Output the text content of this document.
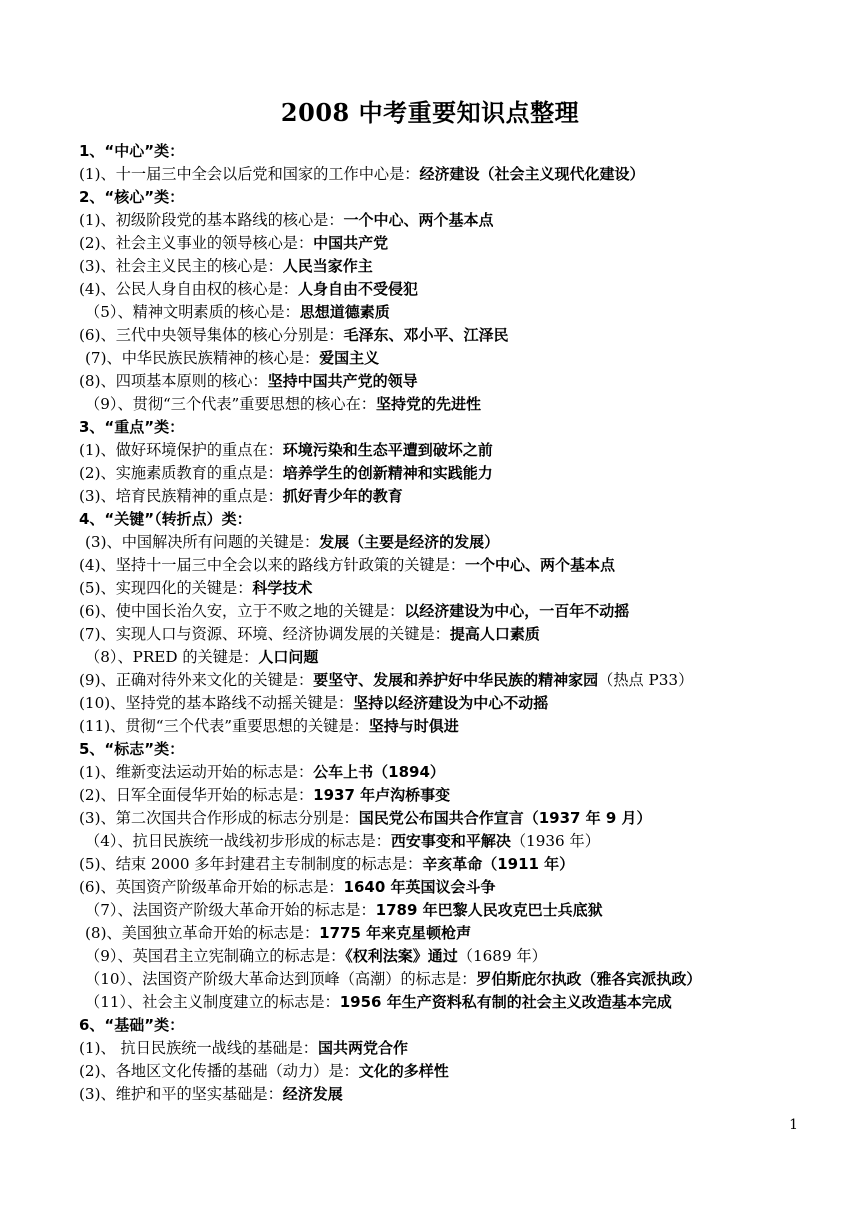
2008 中考重要知识点整理
1、“中心”类：
(1)、十一届三中全会以后党和国家的工作中心是：经济建设（社会主义现代化建设）
2、“核心”类：
(1)、初级阶段党的基本路线的核心是：一个中心、两个基本点
(2)、社会主义事业的领导核心是：中国共产党
(3)、社会主义民主的核心是：人民当家作主
(4)、公民人身自由权的核心是：人身自由不受侵犯
（5）、精神文明素质的核心是：思想道德素质
(6)、三代中央领导集体的核心分别是：毛泽东、邓小平、江泽民
(7)、中华民族民族精神的核心是：爱国主义
(8)、四项基本原则的核心：坚持中国共产党的领导
（9）、贯彻“三个代表”重要思想的核心在：坚持党的先进性
3、“重点”类：
(1)、做好环境保护的重点在：环境污染和生态平遭到破坏之前
(2)、实施素质教育的重点是：培养学生的创新精神和实践能力
(3)、培育民族精神的重点是：抓好青少年的教育
4、“关键”（转折点）类：
(3)、中国解决所有问题的关键是：发展（主要是经济的发展）
(4)、坚持十一届三中全会以来的路线方针政策的关键是：一个中心、两个基本点
(5)、实现四化的关键是：科学技术
(6)、使中国长治久安，立于不败之地的关键是：以经济建设为中心，一百年不动摇
(7)、实现人口与资源、环境、经济协调发展的关键是：提高人口素质
（8）、PRED 的关键是：人口问题
(9)、正确对待外来文化的关键是：要坚守、发展和养护好中华民族的精神家园（热点 P33）
(10)、坚持党的基本路线不动摇关键是：坚持以经济建设为中心不动摇
(11)、贯彻“三个代表”重要思想的关键是：坚持与时俱进
5、“标志”类：
(1)、维新变法运动开始的标志是：公车上书（1894）
(2)、日军全面侵华开始的标志是：1937 年卢沟桥事变
(3)、第二次国共合作形成的标志分别是：国民党公布国共合作宣言（1937 年 9 月）
（4）、抗日民族统一战线初步形成的标志是：西安事变和平解决（1936 年）
(5)、结束 2000 多年封建君主专制制度的标志是：辛亥革命（1911 年）
(6)、英国资产阶级革命开始的标志是：1640 年英国议会斗争
（7）、法国资产阶级大革命开始的标志是：1789 年巴黎人民攻克巴士兵底狱
(8)、美国独立革命开始的标志是：1775 年来克星顿枪声
（9）、英国君主立宪制确立的标志是：《权利法案》通过（1689 年）
（10）、法国资产阶级大革命达到顶峰（高潮）的标志是：罗伯斯庇尔执政（雅各宾派执政）
（11）、社会主义制度建立的标志是：1956 年生产资料私有制的社会主义改造基本完成
6、“基础”类：
(1)、 抗日民族统一战线的基础是：国共两党合作
(2)、各地区文化传播的基础（动力）是：文化的多样性
(3)、维护和平的坚实基础是：经济发展
1
